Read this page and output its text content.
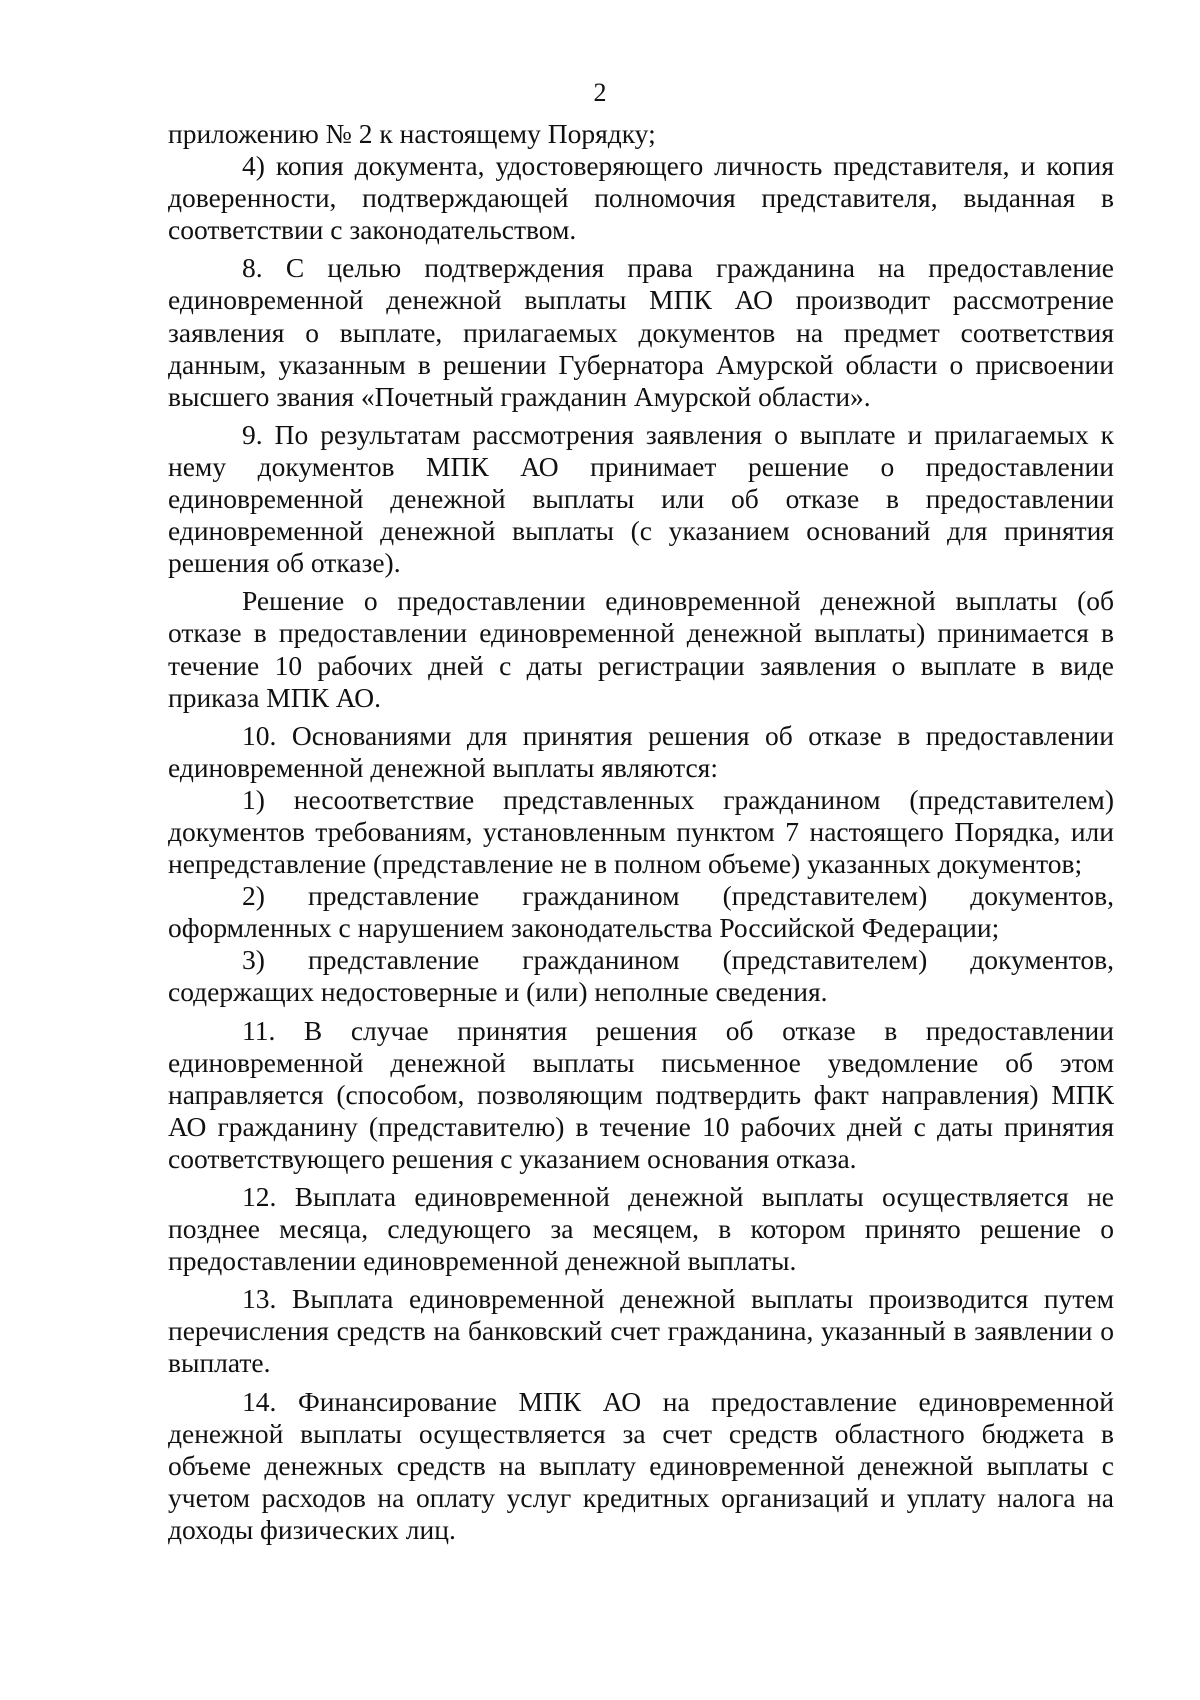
2

приложению № 2 к настоящему Порядку;

4) копия документа, удостоверяющего личность представителя, и копия доверенности, подтверждающей полномочия представителя, выданная в соответствии с законодательством.

8. С целью подтверждения права гражданина на предоставление единовременной денежной выплаты МПК АО производит рассмотрение заявления о выплате, прилагаемых документов на предмет соответствия данным, указанным в решении Губернатора Амурской области о присвоении высшего звания «Почетный гражданин Амурской области».

9. По результатам рассмотрения заявления о выплате и прилагаемых к нему документов МПК АО принимает решение о предоставлении единовременной денежной выплаты или об отказе в предоставлении единовременной денежной выплаты (с указанием оснований для принятия решения об отказе).

Решение о предоставлении единовременной денежной выплаты (об отказе в предоставлении единовременной денежной выплаты) принимается в течение 10 рабочих дней с даты регистрации заявления о выплате в виде приказа МПК АО.

10. Основаниями для принятия решения об отказе в предоставлении единовременной денежной выплаты являются:

1) несоответствие представленных гражданином (представителем) документов требованиям, установленным пунктом 7 настоящего Порядка, или непредставление (представление не в полном объеме) указанных документов;

2) представление гражданином (представителем) документов, оформленных с нарушением законодательства Российской Федерации;

3) представление гражданином (представителем) документов, содержащих недостоверные и (или) неполные сведения.

11. В случае принятия решения об отказе в предоставлении единовременной денежной выплаты письменное уведомление об этом направляется (способом, позволяющим подтвердить факт направления) МПК АО гражданину (представителю) в течение 10 рабочих дней с даты принятия соответствующего решения с указанием основания отказа.

12. Выплата единовременной денежной выплаты осуществляется не позднее месяца, следующего за месяцем, в котором принято решение о предоставлении единовременной денежной выплаты.

13. Выплата единовременной денежной выплаты производится путем перечисления средств на банковский счет гражданина, указанный в заявлении о выплате.

14. Финансирование МПК АО на предоставление единовременной денежной выплаты осуществляется за счет средств областного бюджета в объеме денежных средств на выплату единовременной денежной выплаты с учетом расходов на оплату услуг кредитных организаций и уплату налога на доходы физических лиц.
